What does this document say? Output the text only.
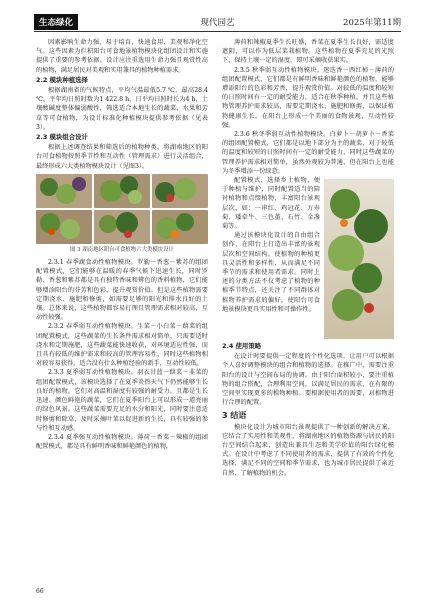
生态绿化	现代园艺	2025年第11期

因素影响生命力强，易于培育、快速食用、美观和净化空气。这些因素为拦积阳台可食地景植物模块化组团设计和实施提供了重要的参考依据。设计应注重选用生命力强且观赏性高的植物，满足居民对美观和实用兼具的植物种植需求。

2.2 模块种植选择

根据湖南省的气候特点，平均气温最低5.7 ℃，最高28.4 ℃，平年均日照时数为1 422.8 h，日平均日照时长为4 h，土壤酸碱度整体偏弱酸性，筛选适合本地生长的蔬菜、水果和芳草等可食植物，为设计标准化种植模块提供参考依据（见表3）。

2.3 模块组合设计

根据上述调查结果和筛选后的植物种类，将湖南地区的阳台可食植物按照季节性和互动性（管理需求）进行灵活组合，最终形成六大类植物模块设计（见图3）。

图 3 湖南地区阳台可食植物六大类模块设计

2.3.1 春季蔬食动性植物模块。罗勒－香葱－紫苏的组团配置模式，它们能够在温暖的春季气候下迅速生长，同时罗勒、香葱和紫苏都是具有独特香味和辨色的香料植物，它们能够增添阳台的芬芳和色彩，提升观赏价值。但是这些植物需要定期浇水、施肥和修剪，如需要足够的阳光和排水良好的土壤。总体来说，这些植物都容易打理且管理需求相对较高，互动性较强。

2.3.2 春季弱互动性植物模块。生菜－小白菜－蕻菜的组团配置模式，这些蔬菜的生长条件需求相对简单，只需要适时浇水和定期施肥，这些蔬菜能快速收获，对环境适应性强，而且具有较低的维护需求和较高的管理容易性，同时这些植物相对较容易获得，适合没有什么种植经验的新手，互动性较低。

2.3.3 夏季弱互动性植物模块。羽衣甘蓝－蕻菜－韭菜的组团配置模式，该模块选择了在夏季炎热天气下仍然能够生长良好的植物，它们对高温和湿度有较强的耐受力。且都是生长迅速、颜色鲜艳的蔬菜，它们在夏季阳台上可以形成一道亮丽的绿色风景。这些蔬菜需要充足的水分和阳光，同时要注意适时修剪和除草，及时采摘叶菜以促进新的生长，具有较强的参与性和互动感。

2.3.4 夏季强互动性植物模块。薄荷－香菜－辣椒的组团配置模式，都是具有鲜明香味和鲜艳颜色的植物，

薄荷和辣椒夏季生长旺盛，香菜在夏季生长良好，需适度遮阴，可以作为低层菜栽植物。这些植物在夏季充足的光照下，保持土壤一定的湿度，即可采摘收获果实。

2.3.5 秋季弱互动性植物模块。迷迭香－西红柿－薄荷的组团配置模式，它们都是有鲜明香味和鲜艳颜色的植物，能够增添阳台的色彩和芳香，提升观赏价值。对较低的温度和较短的日照时间有一定的耐受能力，适合在秋季种植。并且这些植物管理养护需求较高，需要定期浇水、施肥和修剪，以保证植物健康生长。在阳台上形成一个美丽的食物景观，互动性较强。

2.3.6 秋冬季弱互动性植物模块。白萝卜－胡萝卜－香菜的组团配置模式，它们都是以地下部分为主的蔬菜，对于较低的温度和较短的日照时间有一定的耐受能力，同时这些蔬菜的管理养护需求相对简单，虽然外观较为普通，但在阳台上也能为冬季增添一份绿意。

配置模式，选择乡土植物，便于种植与维护，同时配置适当的陪衬植物和点缀植物，丰富阳台景观层次，如：一串红、鸡冠花、万寿菊、矮牵牛、三色堇、石竹、金盏菊等。

通过该模块化设计的自由组合创作，在阳台上打造出丰富的景观层次和空间结构。使植物的种植更具灵活性和多样性，从而满足不同季节的需求和使用者需求。同时上述的分类方法不仅考虑了植物的种植季节特点，还关注了不同群体对植物养护需求的偏好，使阳台可食地景模块更具实用性和可操作性。

2.4 使用策略

在设计时要提供一定程度的个性化选项，让用户可以根据个人喜好调整模块的组合和植物的选择。在推广中，需要注重阳台的设计与空间布局的协调。由于阳台面积较小，要注重植物的组合搭配，合理利用空间，以满足居民的需求，在有限的空间里实现更多的植物种植。要根据使用者的需要，对植物进行合理的配置。

3 结语

模块化设计为城市阳台景观提供了一种创新的解决方案，它结合了实用性和美观性，将湖南地区的植物资源与居民的阳台空间结合起来，创造出兼具生态和美学价值的阳台绿化模式。在设计中考虑了不同使用者的需求，提供了有效的个性化选择，满足不同的空间和季节需求，也为城市居民提供了亲近自然、了解植物的机会。

66
